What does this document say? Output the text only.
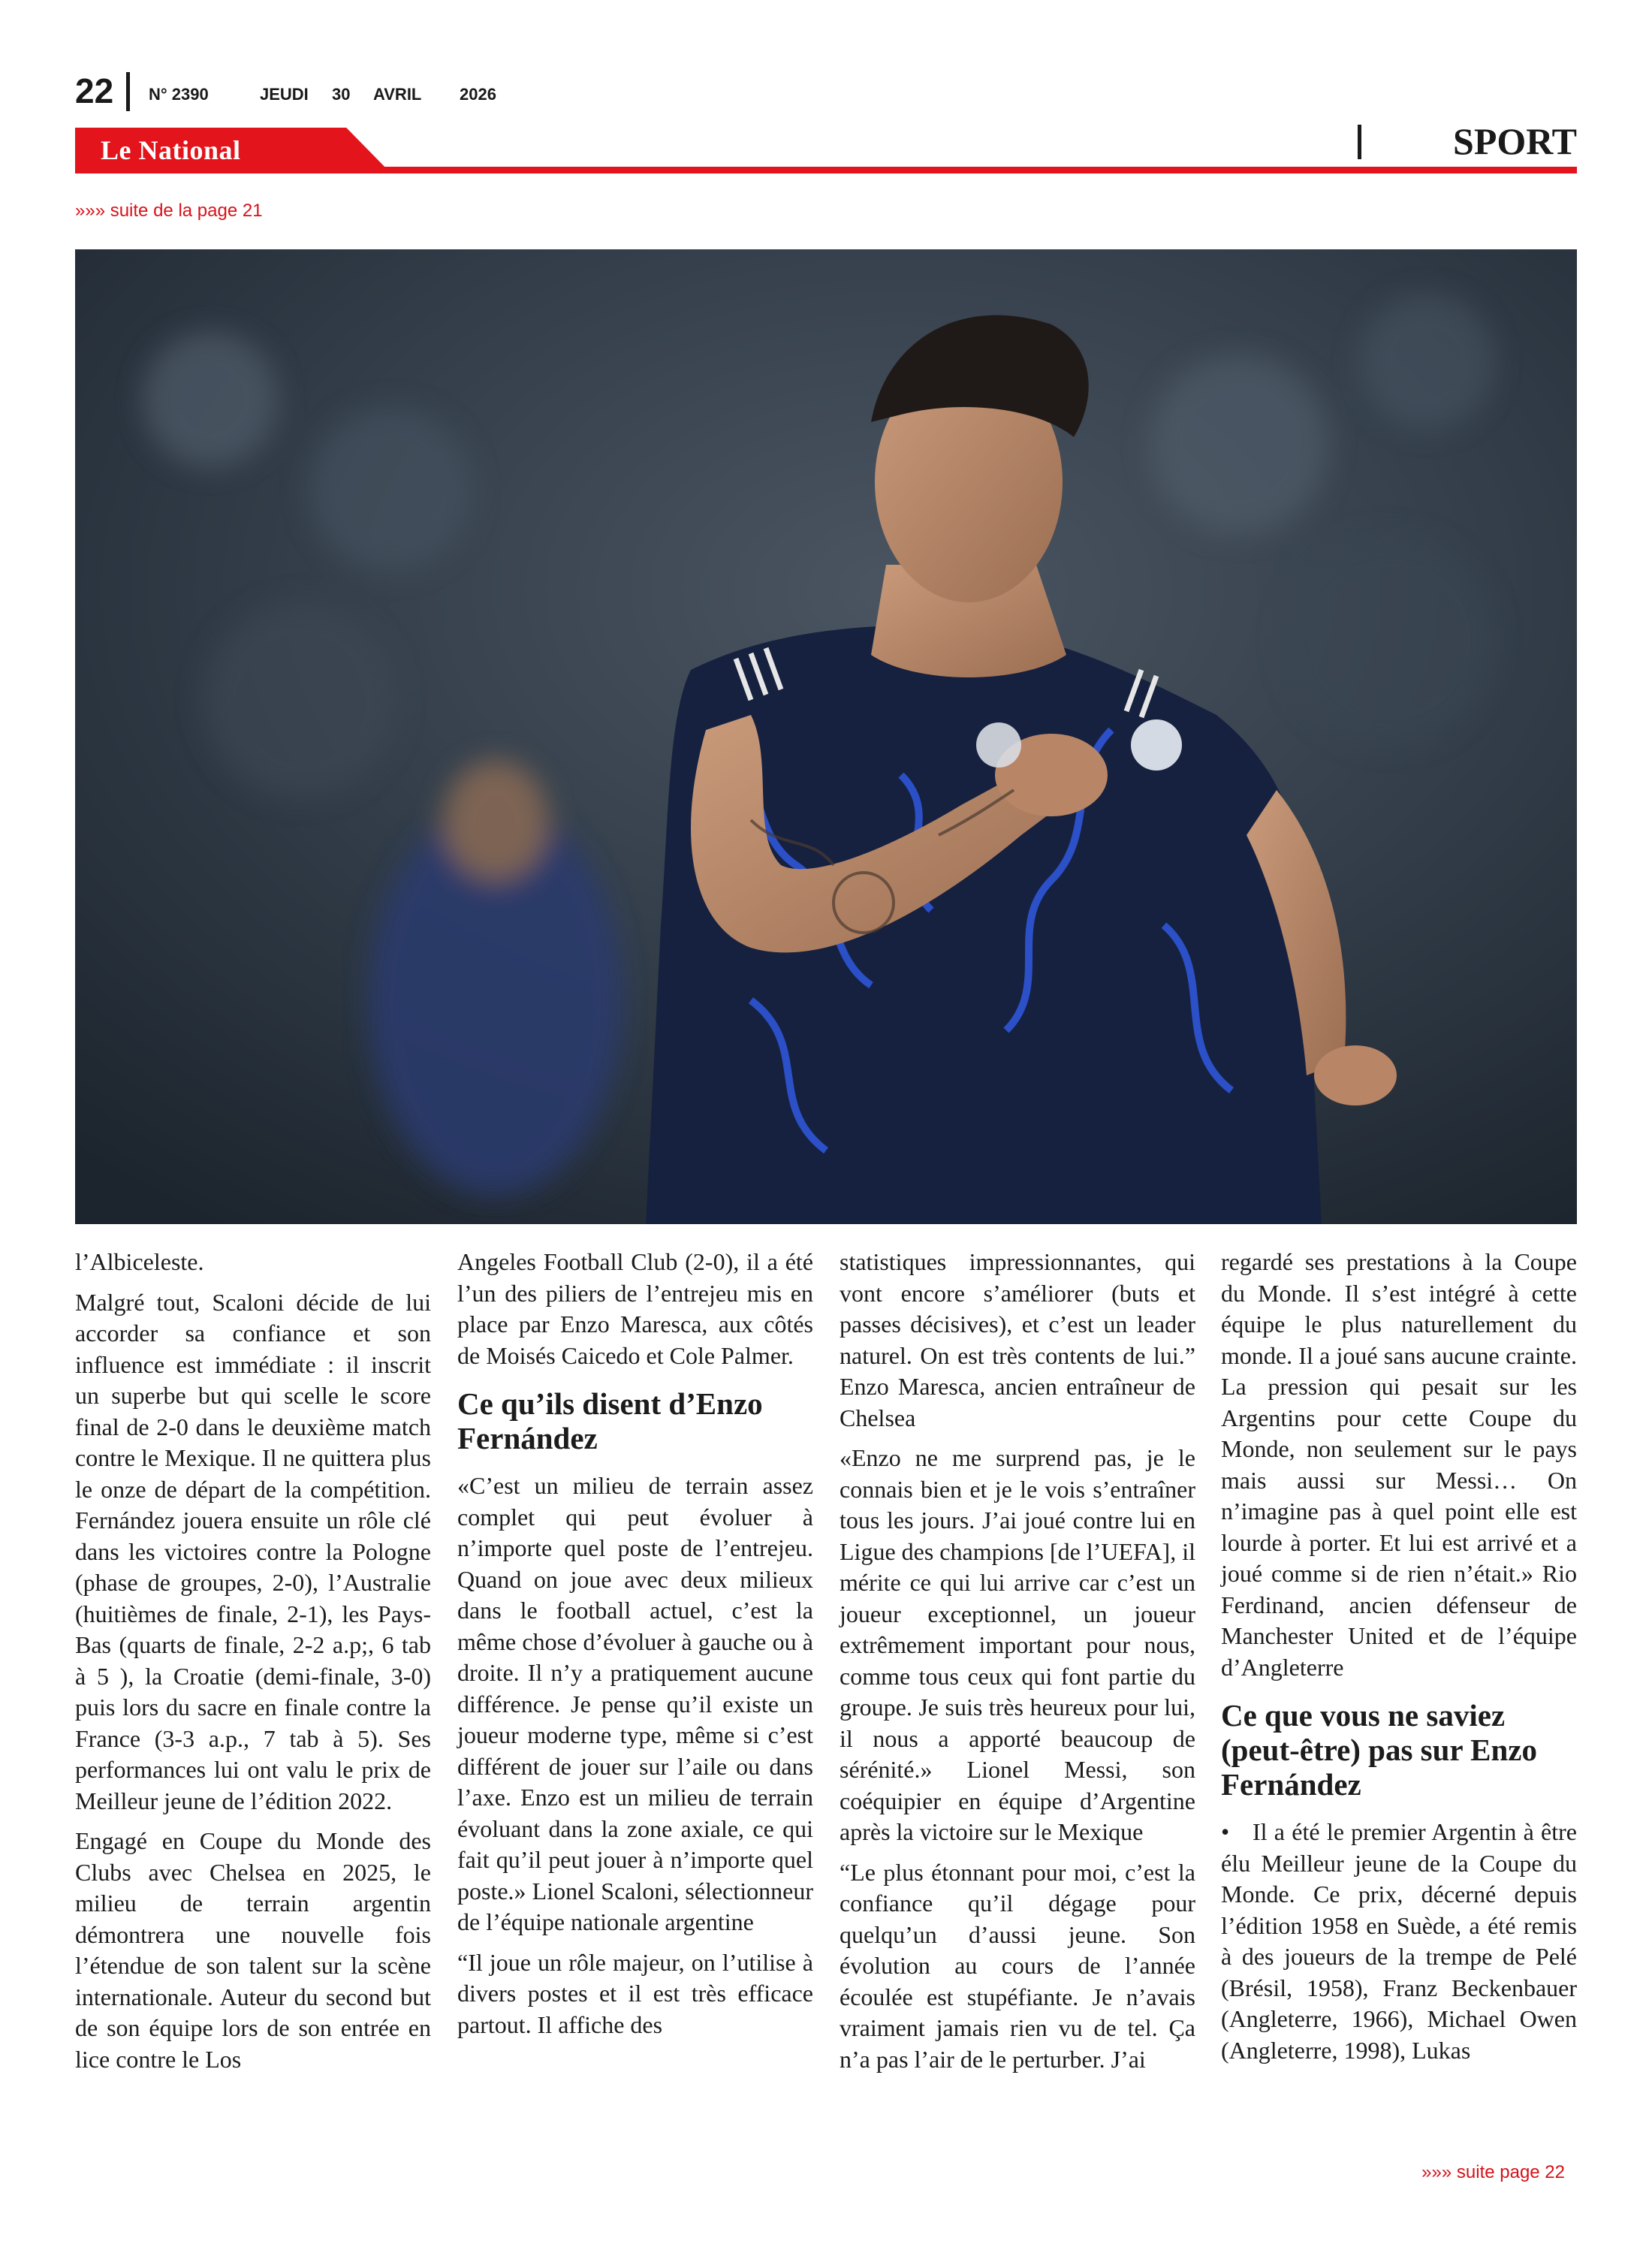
22 N° 2390	JEUDI 30 AVRIL 2026
Le National	SPORT
»»» suite de la page 21

l’Albiceleste.

Malgré tout, Scaloni décide de lui accorder sa confiance et son influence est immédiate : il inscrit un superbe but qui scelle le score final de 2-0 dans le deuxième match contre le Mexique. Il ne quittera plus le onze de départ de la compétition. Fernández jouera ensuite un rôle clé dans les victoires contre la Pologne (phase de groupes, 2-0), l’Australie (huitièmes de finale, 2-1), les Pays-Bas (quarts de finale, 2-2 a.p;, 6 tab à 5 ), la Croatie (demi-finale, 3-0) puis lors du sacre en finale contre la France (3-3 a.p., 7 tab à 5). Ses performances lui ont valu le prix de Meilleur jeune de l’édition 2022.

Engagé en Coupe du Monde des Clubs avec Chelsea en 2025, le milieu de terrain argentin démontrera une nouvelle fois l’étendue de son talent sur la scène internationale. Auteur du second but de son équipe lors de son entrée en lice contre le Los

Angeles Football Club (2-0), il a été l’un des piliers de l’entrejeu mis en place par Enzo Maresca, aux côtés de Moisés Caicedo et Cole Palmer.

Ce qu’ils disent d’Enzo Fernández

«C’est un milieu de terrain assez complet qui peut évoluer à n’importe quel poste de l’entrejeu. Quand on joue avec deux milieux dans le football actuel, c’est la même chose d’évoluer à gauche ou à droite. Il n’y a pratiquement aucune différence. Je pense qu’il existe un joueur moderne type, même si c’est différent de jouer sur l’aile ou dans l’axe. Enzo est un milieu de terrain évoluant dans la zone axiale, ce qui fait qu’il peut jouer à n’importe quel poste.» Lionel Scaloni, sélectionneur de l’équipe nationale argentine

“Il joue un rôle majeur, on l’utilise à divers postes et il est très efficace partout. Il affiche des

statistiques impressionnantes, qui vont encore s’améliorer (buts et passes décisives), et c’est un leader naturel. On est très contents de lui.” Enzo Maresca, ancien entraîneur de Chelsea

«Enzo ne me surprend pas, je le connais bien et je le vois s’entraîner tous les jours. J’ai joué contre lui en Ligue des champions [de l’UEFA], il mérite ce qui lui arrive car c’est un joueur exceptionnel, un joueur extrêmement important pour nous, comme tous ceux qui font partie du groupe. Je suis très heureux pour lui, il nous a apporté beaucoup de sérénité.» Lionel Messi, son coéquipier en équipe d’Argentine après la victoire sur le Mexique

“Le plus étonnant pour moi, c’est la confiance qu’il dégage pour quelqu’un d’aussi jeune. Son évolution au cours de l’année écoulée est stupéfiante. Je n’avais vraiment jamais rien vu de tel. Ça n’a pas l’air de le perturber. J’ai

regardé ses prestations à la Coupe du Monde. Il s’est intégré à cette équipe le plus naturellement du monde. Il a joué sans aucune crainte. La pression qui pesait sur les Argentins pour cette Coupe du Monde, non seulement sur le pays mais aussi sur Messi… On n’imagine pas à quel point elle est lourde à porter. Et lui est arrivé et a joué comme si de rien n’était.» Rio Ferdinand, ancien défenseur de Manchester United et de l’équipe d’Angleterre

Ce que vous ne saviez (peut-être) pas sur Enzo Fernández

• Il a été le premier Argentin à être élu Meilleur jeune de la Coupe du Monde. Ce prix, décerné depuis l’édition 1958 en Suède, a été remis à des joueurs de la trempe de Pelé (Brésil, 1958), Franz Beckenbauer (Angleterre, 1966), Michael Owen (Angleterre, 1998), Lukas

»»» suite page 22
